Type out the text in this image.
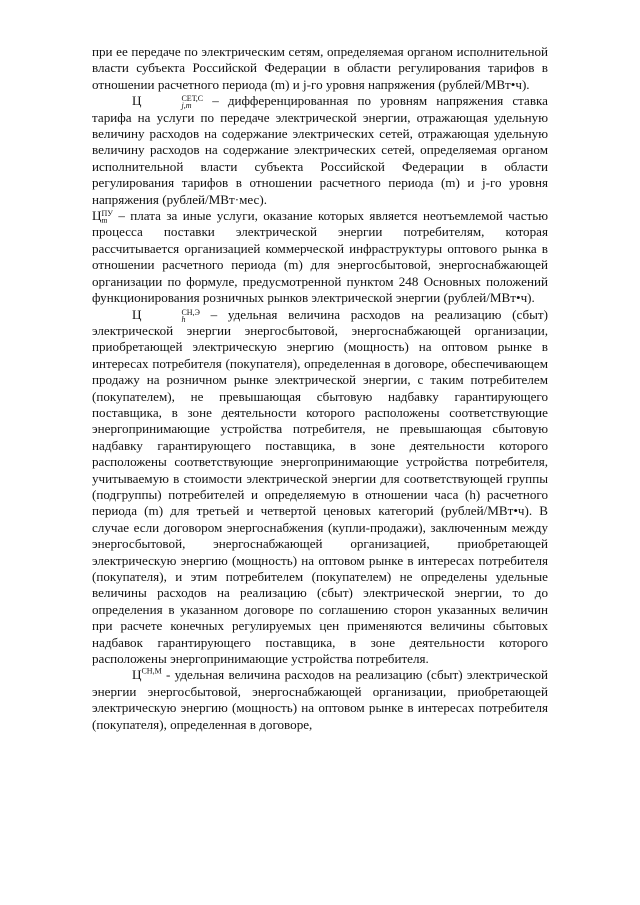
при ее передаче по электрическим сетям, определяемая органом исполнительной власти субъекта Российской Федерации в области регулирования тарифов в отношении расчетного периода (m) и j-го уровня напряжения (рублей/МВт•ч).

Ц	СЕТ,С
j,m – дифференцированная по уровням напряжения ставка тарифа на услуги по передаче электрической энергии, отражающая удельную величину расходов на содержание электрических сетей, отражающая удельную величину расходов на содержание электрических сетей, определяемая органом исполнительной власти субъекта Российской Федерации в области регулирования тарифов в отношении расчетного периода (m) и j-го уровня напряжения (рублей/МВт·мес).

Ц ПУ
m – плата за иные услуги, оказание которых является неотъемлемой частью процесса поставки электрической энергии потребителям, которая рассчитывается организацией коммерческой инфраструктуры оптового рынка в отношении расчетного периода (m) для энергосбытовой, энергоснабжающей организации по формуле, предусмотренной пунктом 248 Основных положений функционирования розничных рынков электрической энергии (рублей/МВт•ч).

Ц	СН,Э
h	– удельная величина расходов на реализацию (сбыт) электрической энергии энергосбытовой, энергоснабжающей организации, приобретающей электрическую энергию (мощность) на оптовом рынке в интересах потребителя (покупателя), определенная в договоре, обеспечивающем продажу на розничном рынке электрической энергии, с таким потребителем (покупателем), не превышающая сбытовую надбавку гарантирующего поставщика, в зоне деятельности которого расположены соответствующие энергопринимающие устройства потребителя, не превышающая сбытовую надбавку гарантирующего поставщика, в зоне деятельности которого расположены соответствующие энергопринимающие устройства потребителя, учитываемую в стоимости электрической энергии для соответствующей группы (подгруппы) потребителей и определяемую в отношении часа (h) расчетного периода (m) для третьей и четвертой ценовых категорий (рублей/МВт•ч). В случае если договором энергоснабжения (купли-продажи), заключенным между энергосбытовой, энергоснабжающей организацией, приобретающей электрическую энергию (мощность) на оптовом рынке в интересах потребителя (покупателя), и этим потребителем (покупателем) не определены удельные величины расходов на реализацию (сбыт) электрической энергии, то до определения в указанном договоре по соглашению сторон указанных величин при расчете конечных регулируемых цен применяются величины сбытовых надбавок гарантирующего поставщика, в зоне деятельности которого расположены энергопринимающие устройства потребителя.

$Ц^{СН,М}$ - удельная величина расходов на реализацию (сбыт) электрической энергии энергосбытовой, энергоснабжающей организации, приобретающей электрическую энергию (мощность) на оптовом рынке в интересах потребителя (покупателя), определенная в договоре,
